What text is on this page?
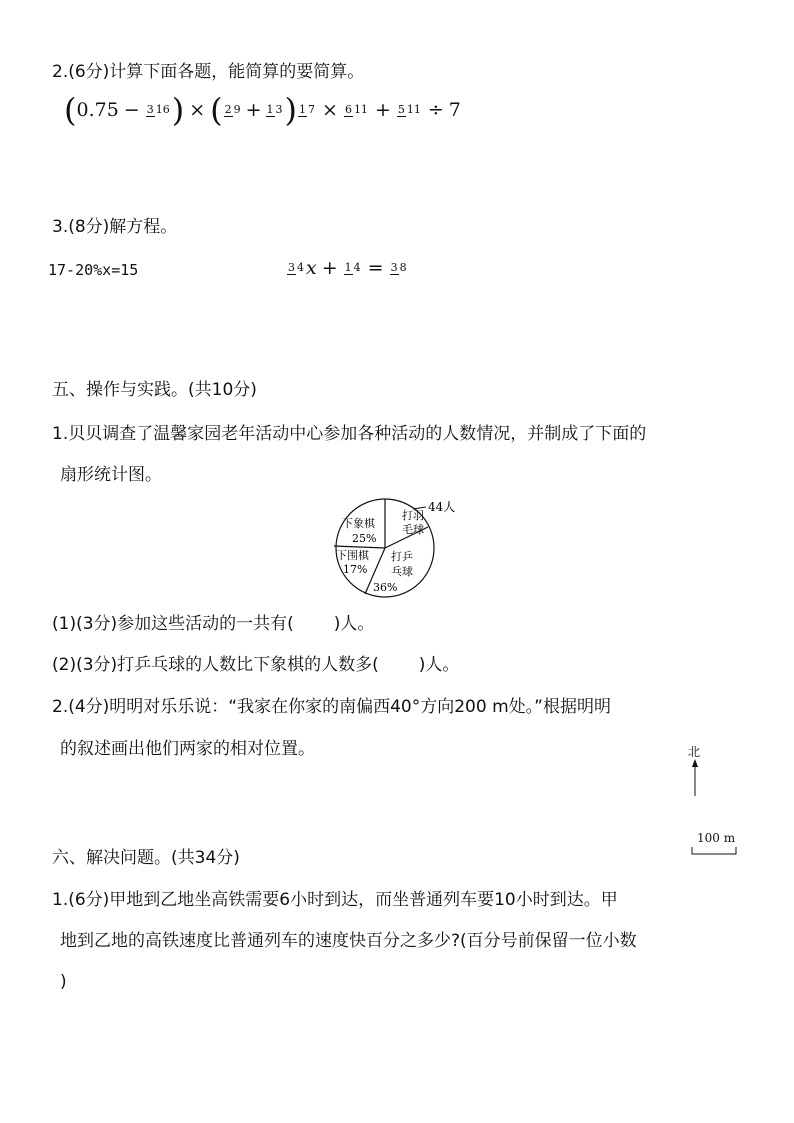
2.(6分)计算下面各题，能简算的要简算。
( 0.75 − 3 16 ) × ( 2 9 + 1 3 ) 1 7 × 6 11 + 5 11 ÷ 7
3.(8分)解方程。
17-20%x=15	3 4 x + 1 4 = 3 8
五、操作与实践。(共10分)
1.贝贝调查了温馨家园老年活动中心参加各种活动的人数情况，并制成了下面的
扇形统计图。
44人
打羽
毛球
下象棋
25%
下围棋
17%
打乒
乓球
36%
(1)(3分)参加这些活动的一共有( )人。
(2)(3分)打乒乓球的人数比下象棋的人数多( )人。
2.(4分)明明对乐乐说：“我家在你家的南偏西40°方向200 m处。”根据明明
的叙述画出他们两家的相对位置。	北
100 m
六、解决问题。(共34分)
1.(6分)甲地到乙地坐高铁需要6小时到达，而坐普通列车要10小时到达。甲
地到乙地的高铁速度比普通列车的速度快百分之多少?(百分号前保留一位小数
)
